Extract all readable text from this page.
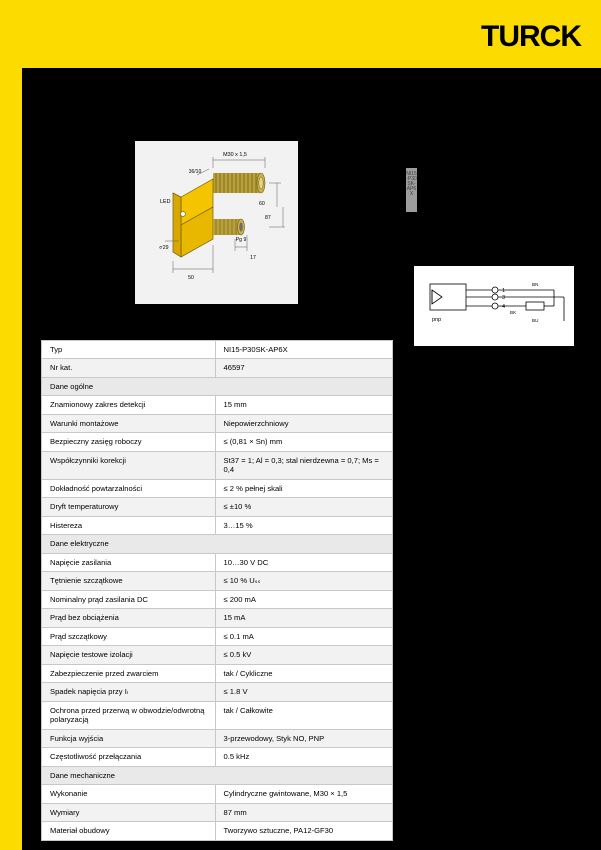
TURCK
M30 x 1,5
36/10
LED	60
87
50
⌭29
Pg 9
17
NI15-P30SK-AP6X
1
3
4
BN
BU
BK
pnp
Typ	NI15-P30SK-AP6X
Nr kat.	46597
Dane ogólne	
Znamionowy zakres detekcji	15 mm
Warunki montażowe	Niepowierzchniowy
Bezpieczny zasięg roboczy	≤ (0,81 × Sn) mm
Współczynniki korekcji	St37 = 1; Al = 0,3; stal nierdzewna = 0,7; Ms = 0,4
Dokładność powtarzalności	≤ 2 % pełnej skali
Dryft temperaturowy	≤ ±10 %
Histereza	3…15 %
Dane elektryczne	
Napięcie zasilania	10…30 V DC
Tętnienie szczątkowe	≤ 10 % Uₛₛ
Nominalny prąd zasilania DC	≤ 200 mA
Prąd bez obciążenia	15 mA
Prąd szczątkowy	≤ 0.1 mA
Napięcie testowe izolacji	≤ 0.5 kV
Zabezpieczenie przed zwarciem	tak / Cykliczne
Spadek napięcia przy Iₗ	≤ 1.8 V
Ochrona przed przerwą w obwodzie/odwrotną polaryzacją	tak / Całkowite
Funkcja wyjścia	3-przewodowy, Styk NO, PNP
Częstotliwość przełączania	0.5 kHz
Dane mechaniczne	
Wykonanie	Cylindryczne gwintowane, M30 × 1,5
Wymiary	87 mm
Materiał obudowy	Tworzywo sztuczne, PA12-GF30
